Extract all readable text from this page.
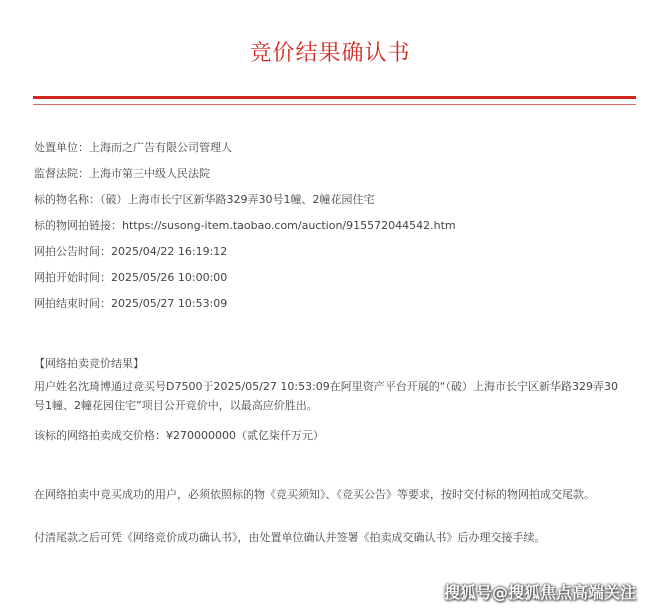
竞价结果确认书
处置单位：上海而之广告有限公司管理人
监督法院：上海市第三中级人民法院
标的物名称：（破）上海市长宁区新华路329弄30号1幢、2幢花园住宅
标的物网拍链接：https://susong-item.taobao.com/auction/915572044542.htm
网拍公告时间：2025/04/22 16:19:12
网拍开始时间：2025/05/26 10:00:00
网拍结束时间：2025/05/27 10:53:09
【网络拍卖竞价结果】
用户姓名沈琦博通过竞买号D7500于2025/05/27 10:53:09在阿里资产平台开展的“（破）上海市长宁区新华路329弄30号1幢、2幢花园住宅”项目公开竞价中，以最高应价胜出。
该标的网络拍卖成交价格：¥270000000（贰亿柒仟万元）
在网络拍卖中竞买成功的用户，必须依照标的物《竞买须知》、《竞买公告》等要求，按时交付标的物网拍成交尾款。
付清尾款之后可凭《网络竞价成功确认书》，由处置单位确认并签署《拍卖成交确认书》后办理交接手续。
搜狐号@搜狐焦点高端关注
